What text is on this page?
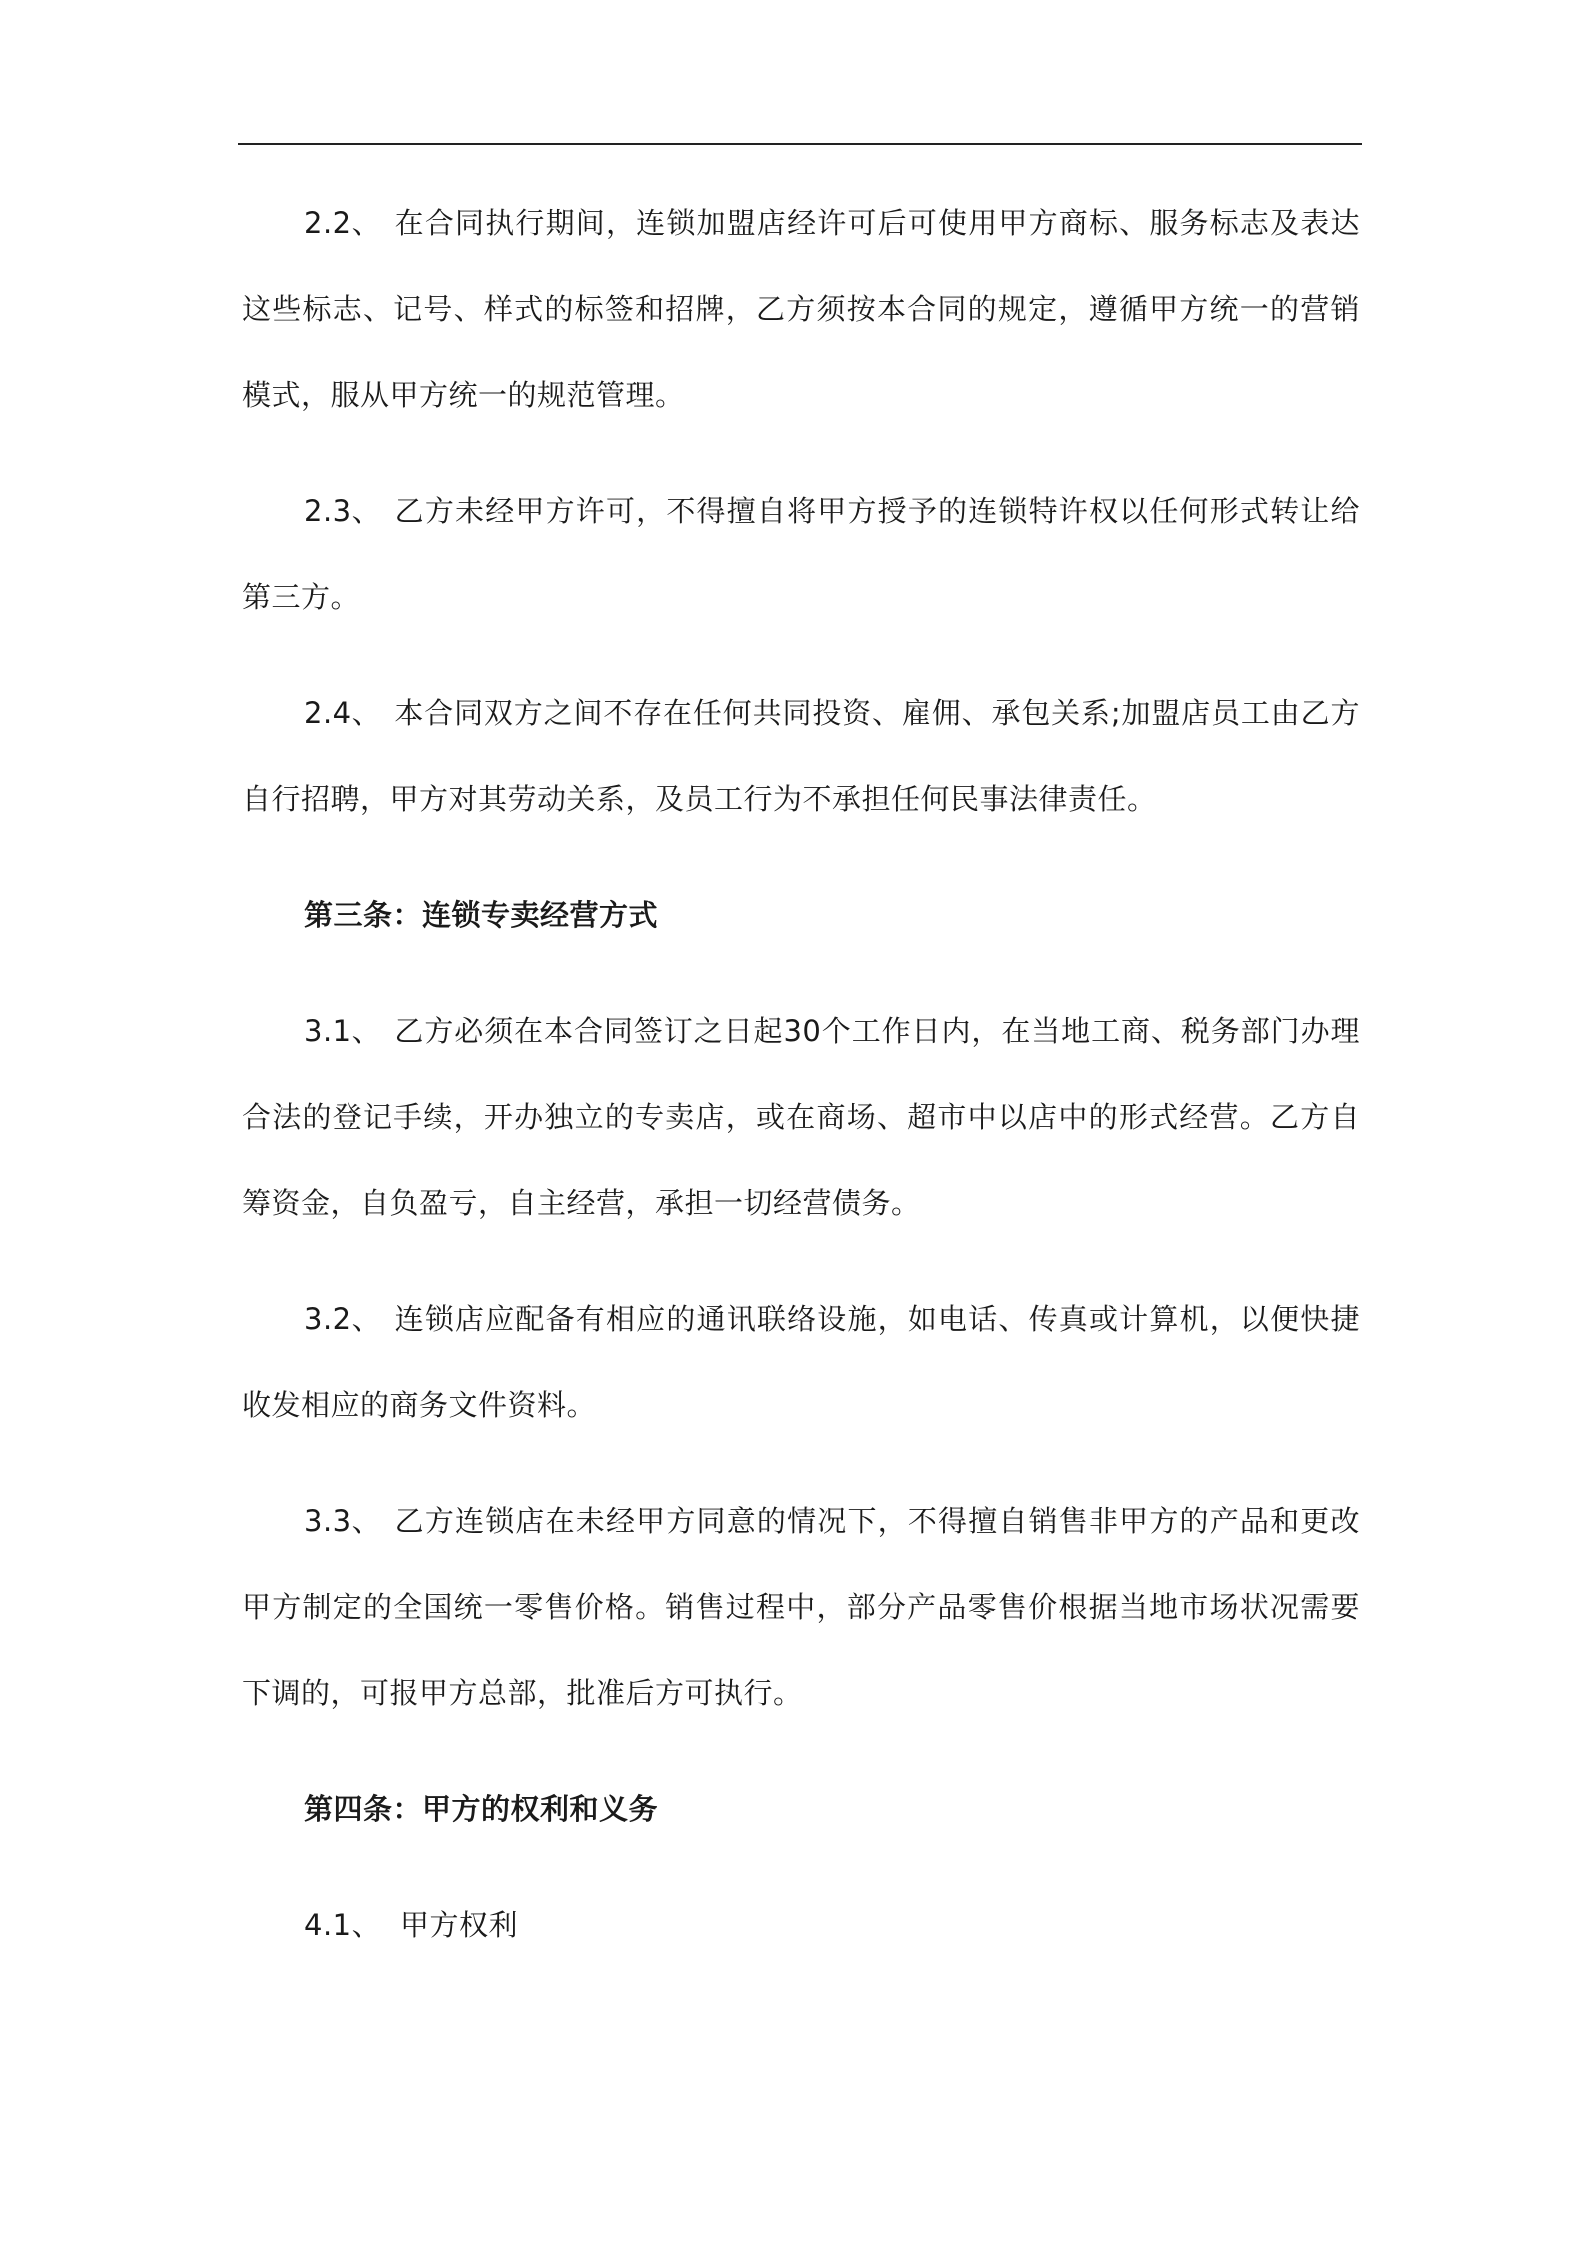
2.2、 在合同执行期间，连锁加盟店经许可后可使用甲方商标、服务标志及表达这些标志、记号、样式的标签和招牌，乙方须按本合同的规定，遵循甲方统一的营销模式，服从甲方统一的规范管理。

2.3、 乙方未经甲方许可，不得擅自将甲方授予的连锁特许权以任何形式转让给第三方。

2.4、 本合同双方之间不存在任何共同投资、雇佣、承包关系;加盟店员工由乙方自行招聘，甲方对其劳动关系，及员工行为不承担任何民事法律责任。

第三条：连锁专卖经营方式

3.1、 乙方必须在本合同签订之日起30个工作日内，在当地工商、税务部门办理合法的登记手续，开办独立的专卖店，或在商场、超市中以店中的形式经营。乙方自筹资金，自负盈亏，自主经营，承担一切经营债务。

3.2、 连锁店应配备有相应的通讯联络设施，如电话、传真或计算机，以便快捷收发相应的商务文件资料。

3.3、 乙方连锁店在未经甲方同意的情况下，不得擅自销售非甲方的产品和更改甲方制定的全国统一零售价格。销售过程中，部分产品零售价根据当地市场状况需要下调的，可报甲方总部，批准后方可执行。

第四条：甲方的权利和义务

4.1、 甲方权利
